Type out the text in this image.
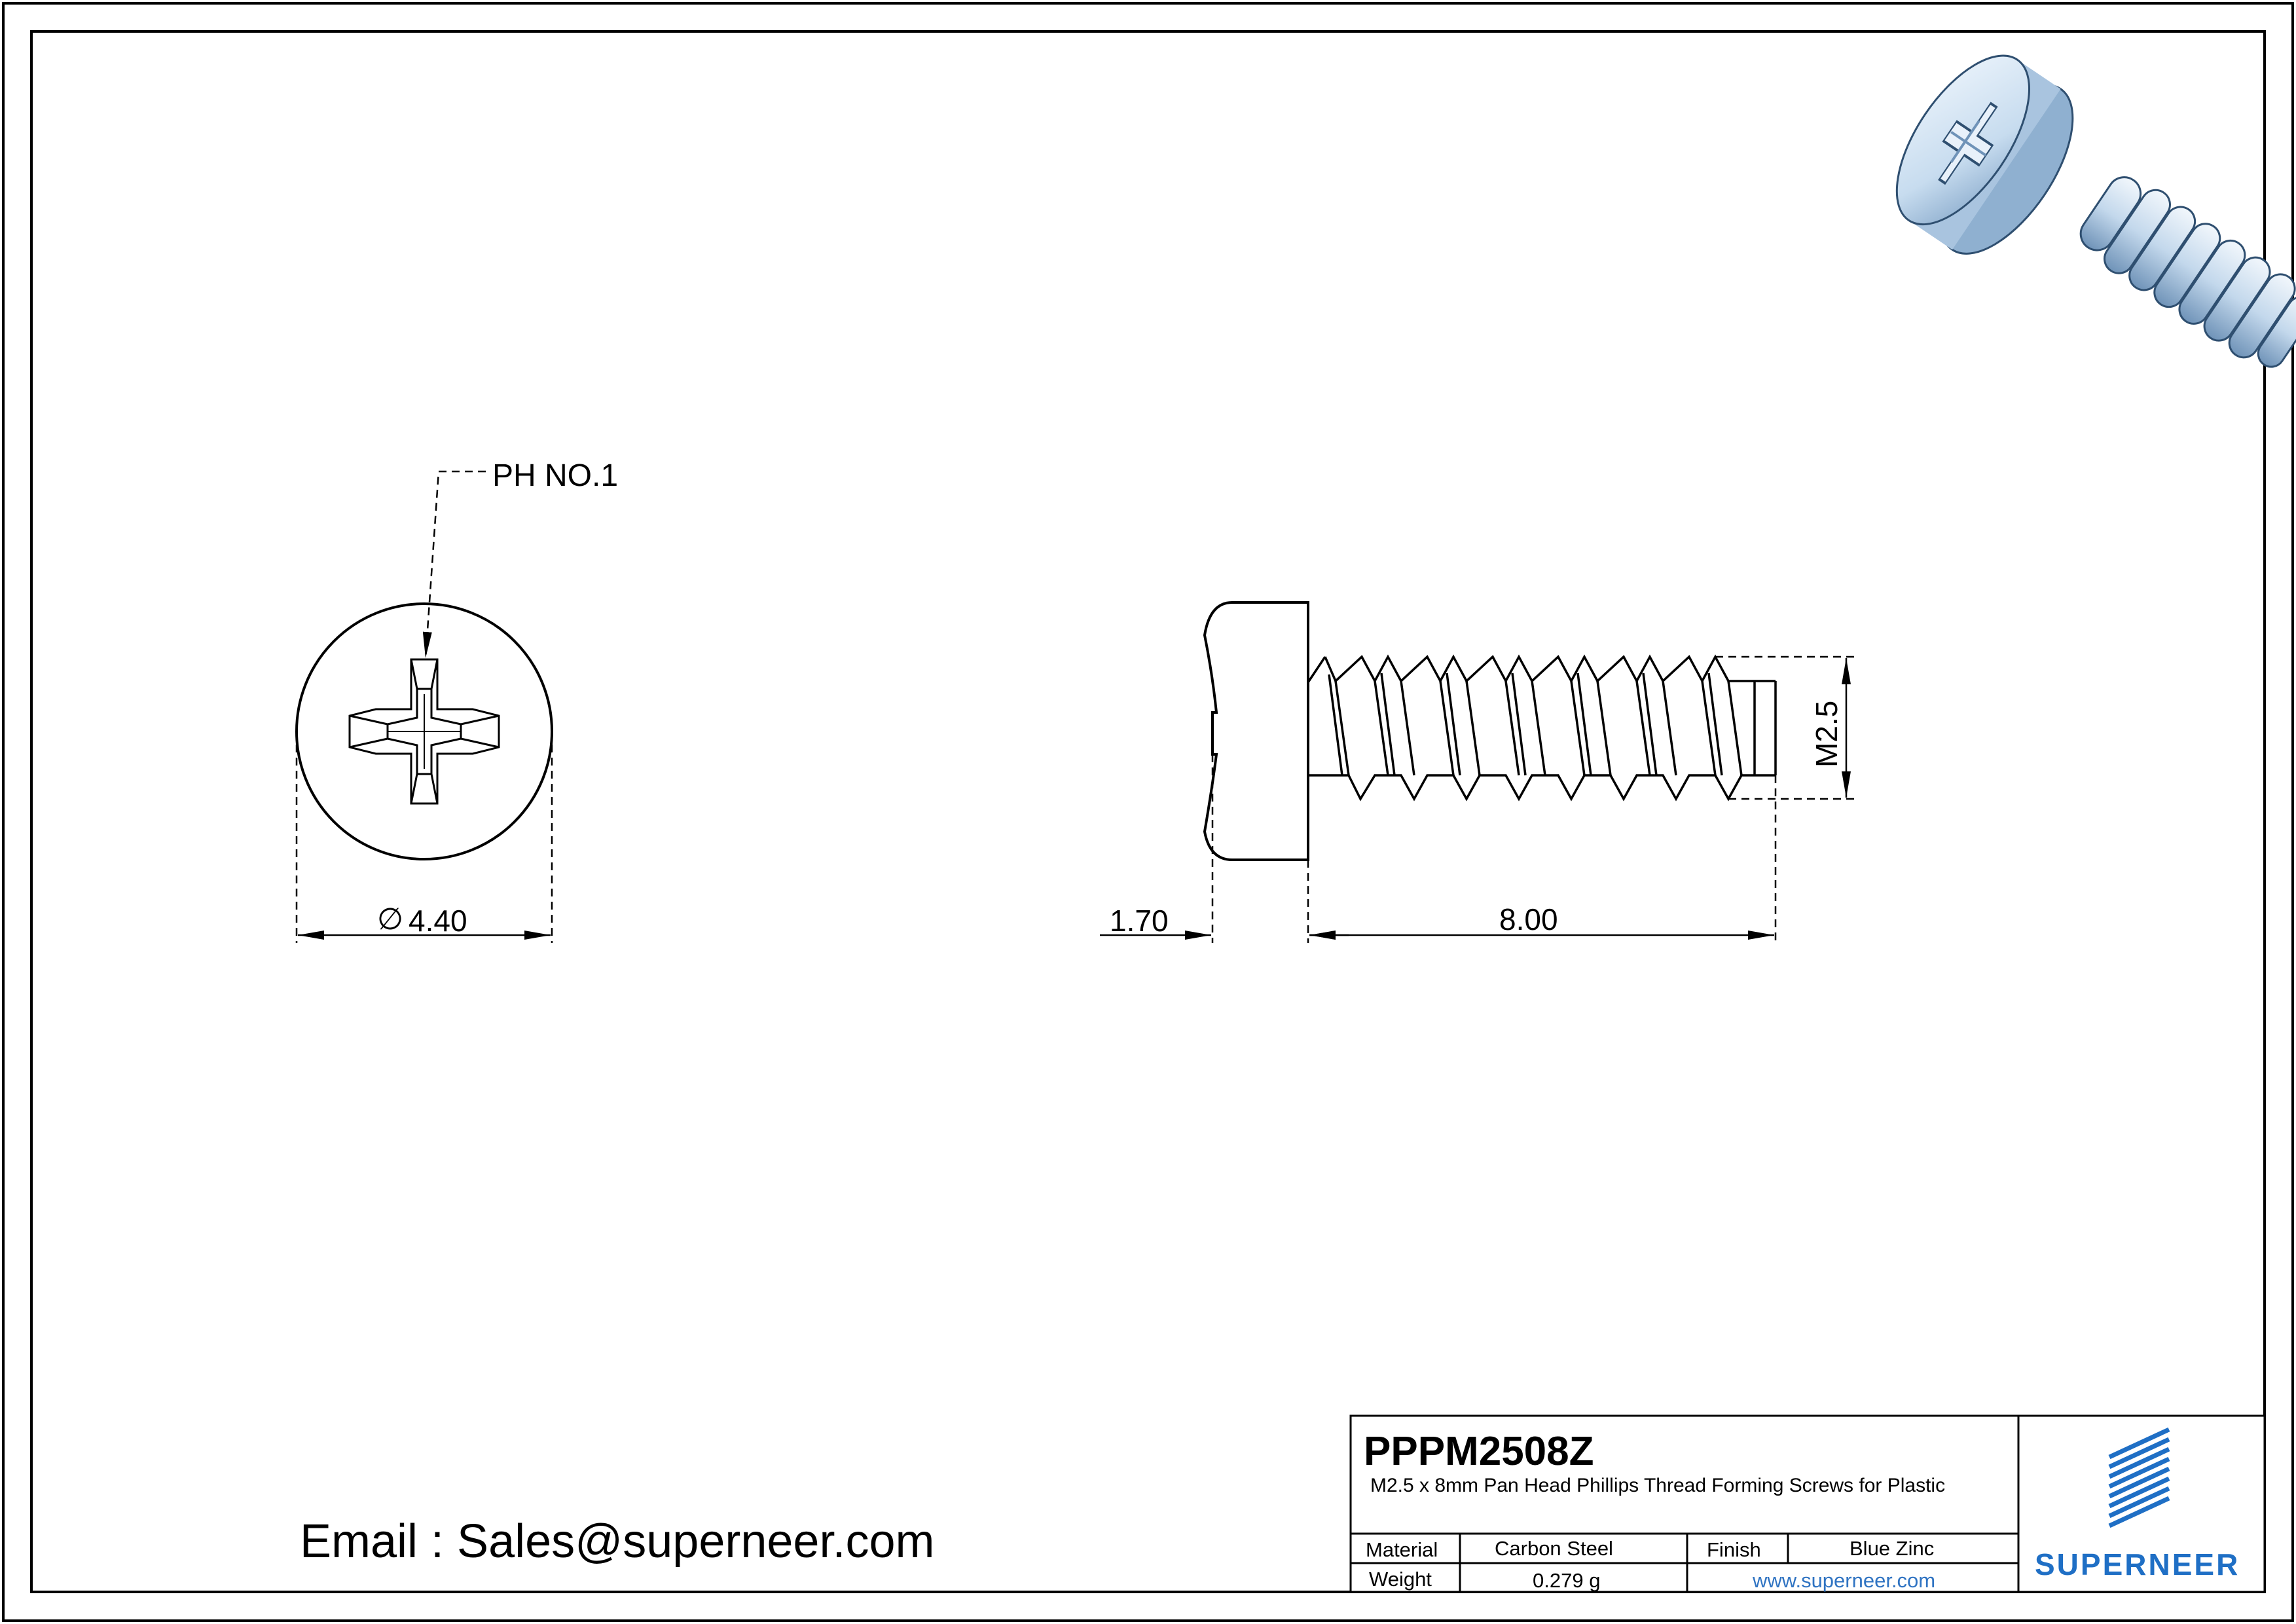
PH NO.1
∅ 4.40
M2.5
1.70	8.00
Email : Sales@superneer.com
PPPM2508Z
M2.5 x 8mm Pan Head Phillips Thread Forming Screws for Plastic
Material	Carbon Steel	Finish	Blue Zinc
Weight	0.279 g	www.superneer.com	SUPERNEER
